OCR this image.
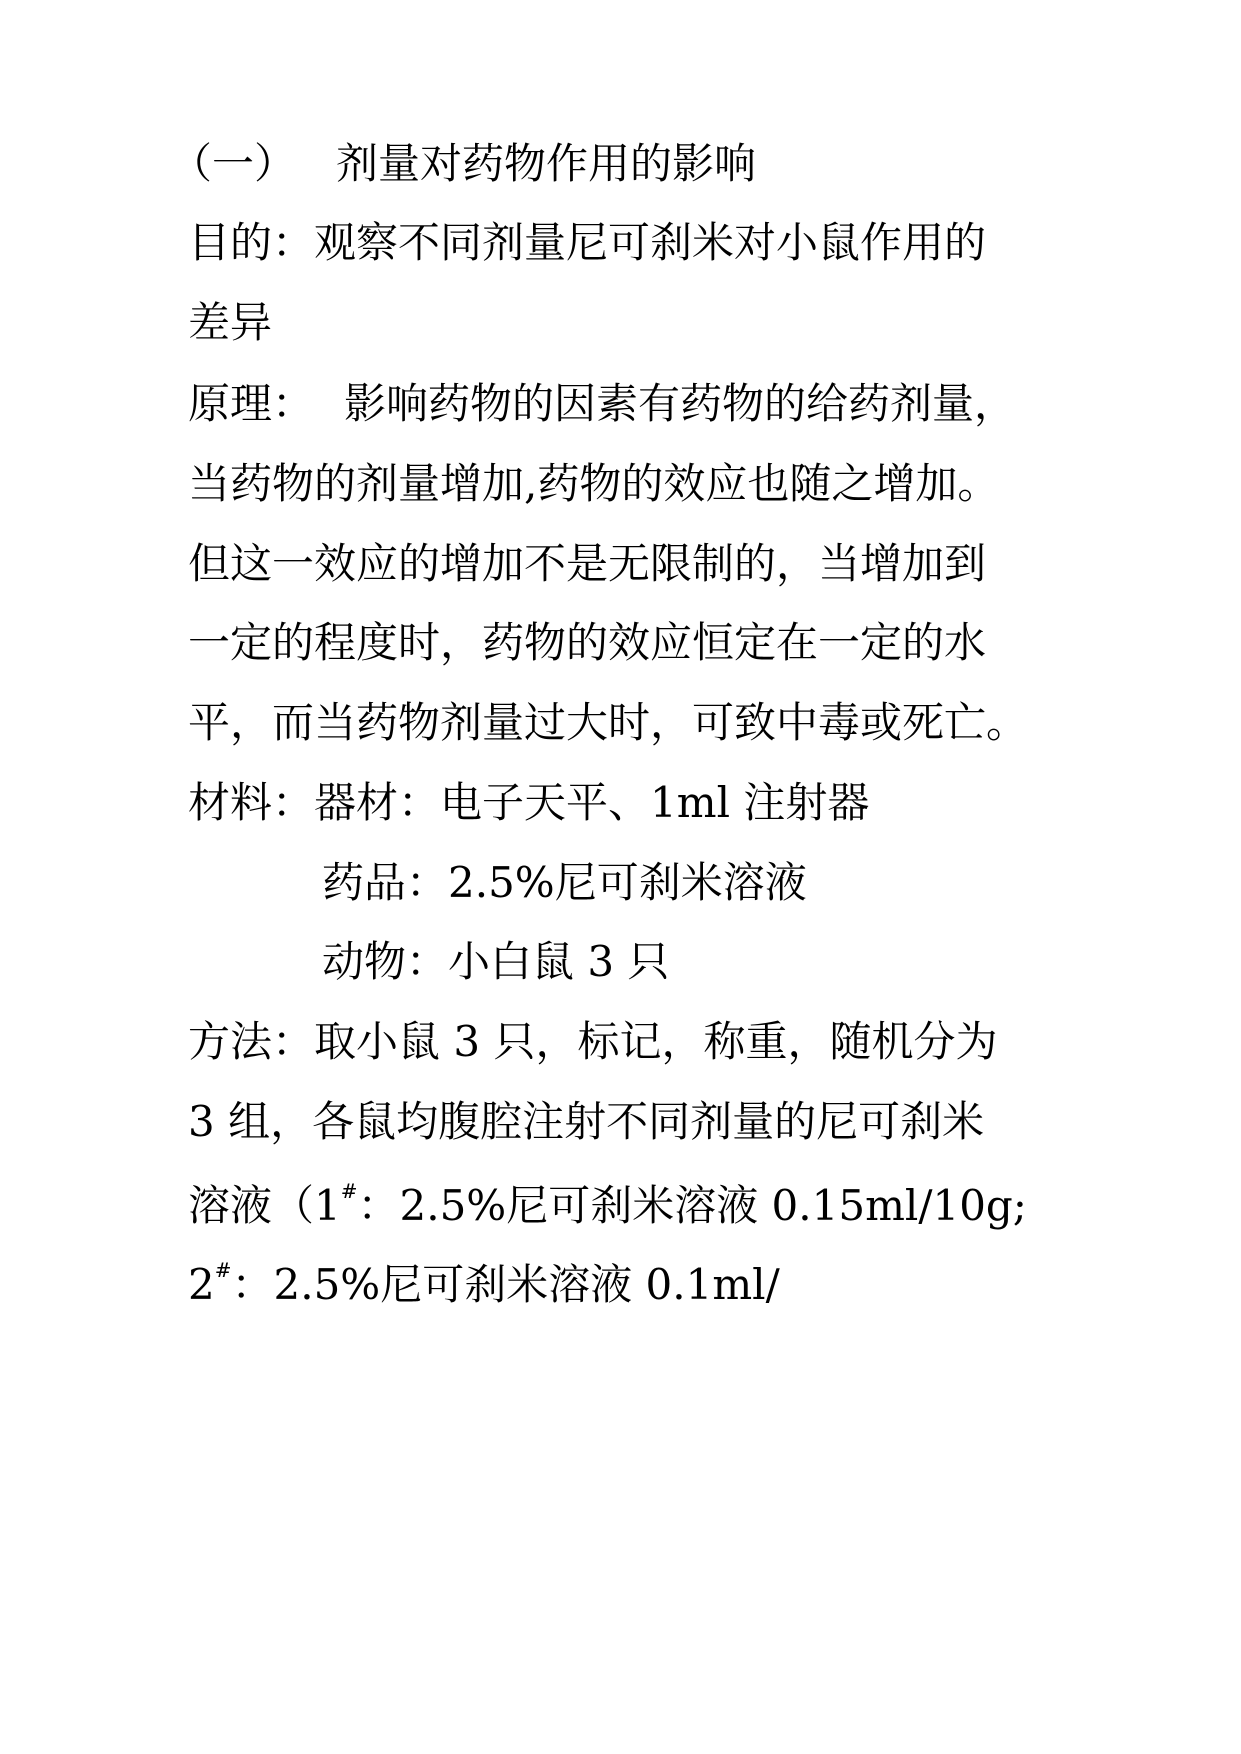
（一） 剂量对药物作用的影响
目的：观察不同剂量尼可刹米对小鼠作用的
差异
原理： 影响药物的因素有药物的给药剂量，
当药物的剂量增加,药物的效应也随之增加。
但这一效应的增加不是无限制的，当增加到
一定的程度时，药物的效应恒定在一定的水
平，而当药物剂量过大时，可致中毒或死亡。
材料：器材：电子天平、1ml 注射器
药品：2.5%尼可刹米溶液
动物：小白鼠 3 只
方法：取小鼠 3 只，标记，称重，随机分为
3 组，各鼠均腹腔注射不同剂量的尼可刹米
溶液（1#：2.5%尼可刹米溶液 0.15ml/10g;
2#：2.5%尼可刹米溶液 0.1ml/
